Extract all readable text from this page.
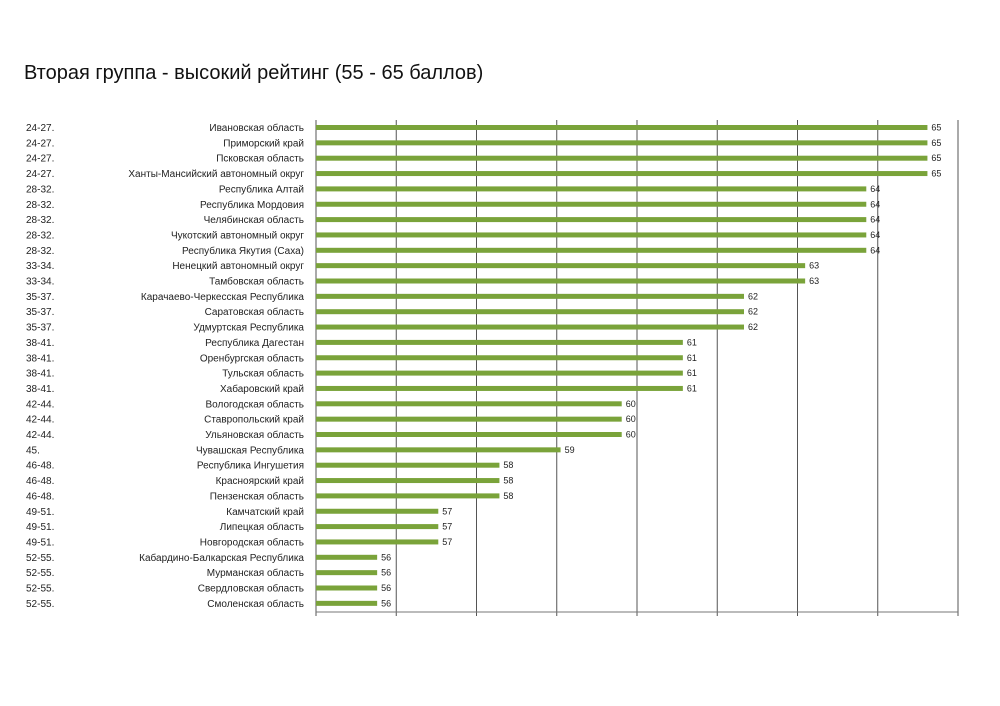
Вторая группа - высокий рейтинг (55 - 65 баллов)
24-27.	Ивановская область	65
24-27.	Приморский край	65
24-27.	Псковская область	65
24-27.	Ханты-Мансийский автономный округ	65
28-32.	Республика Алтай	64
28-32.	Республика Мордовия	64
28-32.	Челябинская область	64
28-32.	Чукотский автономный округ	64
28-32.	Республика Якутия (Саха)	64
33-34.	Ненецкий автономный округ	63
33-34.	Тамбовская область	63
35-37.	Карачаево-Черкесская Республика	62
35-37.	Саратовская область	62
35-37.	Удмуртская Республика	62
38-41.	Республика Дагестан	61
38-41.	Оренбургская область	61
38-41.	Тульская область	61
38-41.	Хабаровский край	61
42-44.	Вологодская область	60
42-44.	Ставропольский край	60
42-44.	Ульяновская область	60
45.	Чувашская Республика	59
46-48.	Республика Ингушетия	58
46-48.	Красноярский край	58
46-48.	Пензенская область	58
49-51.	Камчатский край	57
49-51.	Липецкая область	57
49-51.	Новгородская область	57
52-55.	Кабардино-Балкарская Республика	56
52-55.	Мурманская область	56
52-55.	Свердловская область	56
52-55.	Смоленская область	56
